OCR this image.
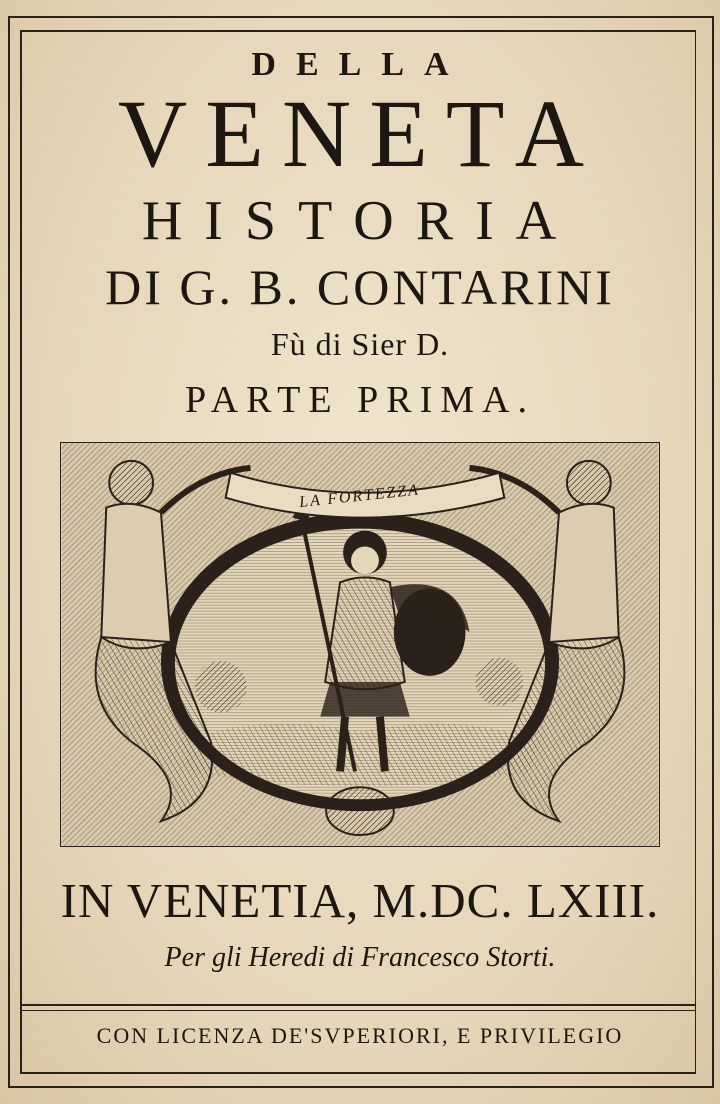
DELLA
VENETA
HISTORIA
DI G. B. CONTARINI
Fù di Sier D.
PARTE PRIMA.
LA FORTEZZA
IN VENETIA, M.DC. LXIII.
Per gli Heredi di Francesco Storti.
CON LICENZA DE'SVPERIORI, E PRIVILEGIO
